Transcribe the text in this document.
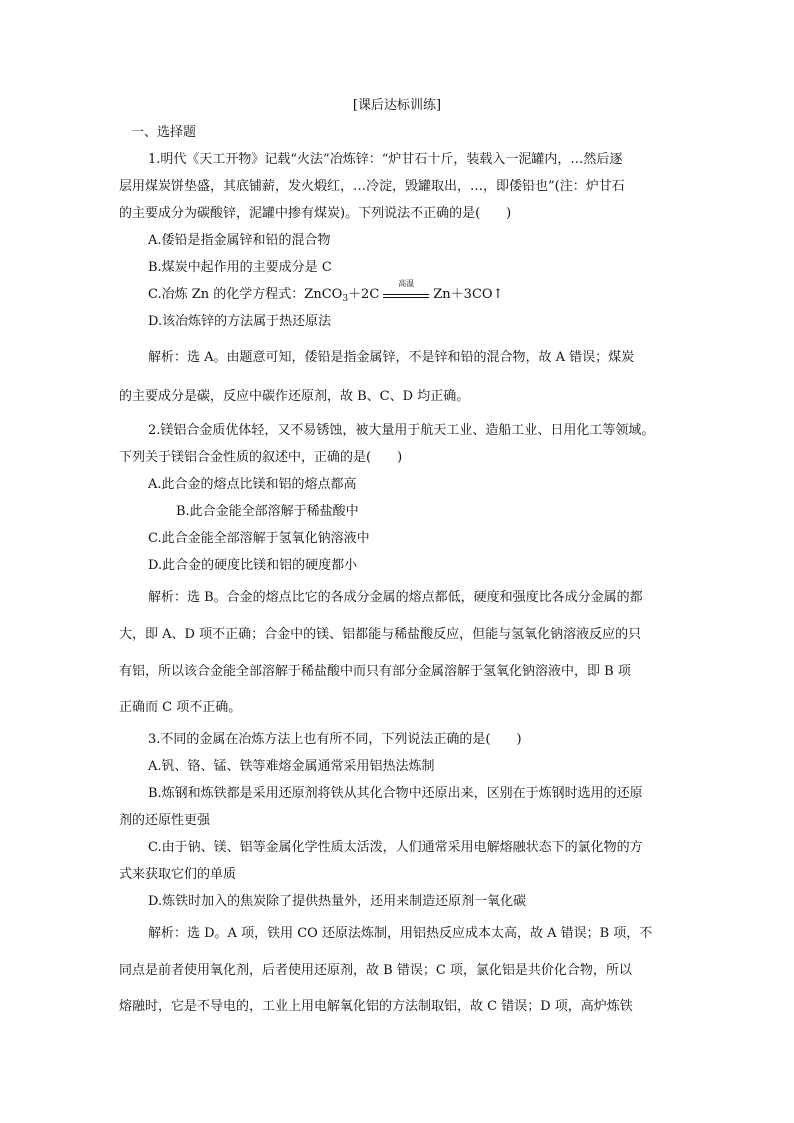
[课后达标训练]
一、选择题
1.明代《天工开物》记载“火法”冶炼锌：“炉甘石十斤，装载入一泥罐内，…然后逐
层用煤炭饼垫盛，其底铺薪，发火煅红，…冷淀，毁罐取出，…，即倭铅也”(注：炉甘石
的主要成分为碳酸锌，泥罐中掺有煤炭)。下列说法不正确的是(　　)
A.倭铅是指金属锌和铅的混合物
B.煤炭中起作用的主要成分是 C
C.冶炼 Zn 的化学方程式：ZnCO$_3$＋2C
高温
Zn＋3CO↑
D.该冶炼锌的方法属于热还原法
解析：选 A。由题意可知，倭铅是指金属锌，不是锌和铅的混合物，故 A 错误；煤炭
的主要成分是碳，反应中碳作还原剂，故 B、C、D 均正确。
2.镁铝合金质优体轻，又不易锈蚀，被大量用于航天工业、造船工业、日用化工等领域。
下列关于镁铝合金性质的叙述中，正确的是(　　)
A.此合金的熔点比镁和铝的熔点都高
B.此合金能全部溶解于稀盐酸中
C.此合金能全部溶解于氢氧化钠溶液中
D.此合金的硬度比镁和铝的硬度都小
解析：选 B。合金的熔点比它的各成分金属的熔点都低，硬度和强度比各成分金属的都
大，即 A、D 项不正确；合金中的镁、铝都能与稀盐酸反应，但能与氢氧化钠溶液反应的只
有铝，所以该合金能全部溶解于稀盐酸中而只有部分金属溶解于氢氧化钠溶液中，即 B 项
正确而 C 项不正确。
3.不同的金属在冶炼方法上也有所不同，下列说法正确的是(　　)
A.钒、铬、锰、铁等难熔金属通常采用铝热法炼制
B.炼钢和炼铁都是采用还原剂将铁从其化合物中还原出来，区别在于炼钢时选用的还原
剂的还原性更强
C.由于钠、镁、铝等金属化学性质太活泼，人们通常采用电解熔融状态下的氯化物的方
式来获取它们的单质
D.炼铁时加入的焦炭除了提供热量外，还用来制造还原剂一氧化碳
解析：选 D。A 项，铁用 CO 还原法炼制，用铝热反应成本太高，故 A 错误；B 项，不
同点是前者使用氧化剂，后者使用还原剂，故 B 错误；C 项，氯化铝是共价化合物，所以
熔融时，它是不导电的，工业上用电解氧化铝的方法制取铝，故 C 错误；D 项，高炉炼铁
